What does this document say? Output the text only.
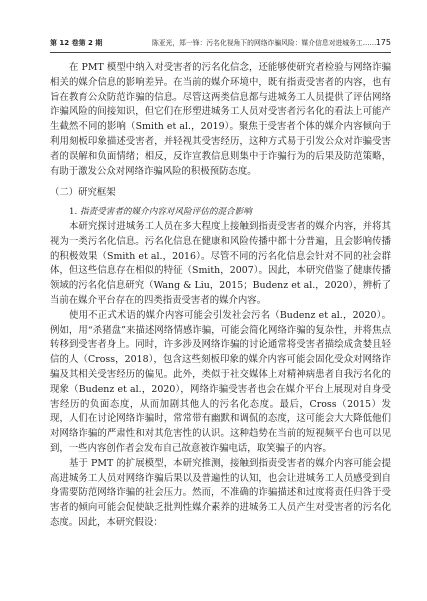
第 12 卷第 2 期	陈亚光，郑一锋：污名化视角下的网络诈骗风险：媒介信息对进城务工…… 175

在 PMT 模型中纳入对受害者的污名化信念，还能够使研究者检验与网络诈骗相关的媒介信息的影响差异。在当前的媒介环境中，既有指责受害者的内容，也有旨在教育公众防范诈骗的信息。尽管这两类信息都与进城务工人员提供了评估网络诈骗风险的间接知识，但它们在形塑进城务工人员对受害者污名化的看法上可能产生截然不同的影响（Smith et al.，2019）。聚焦于受害者个体的媒介内容倾向于利用刻板印象描述受害者，并轻视其受害经历，这种方式易于引发公众对诈骗受害者的误解和负面情绪；相反，反诈宣教信息则集中于诈骗行为的后果及防范策略，有助于激发公众对网络诈骗风险的积极预防态度。

（二）研究框架

1. 指责受害者的媒介内容对风险评估的混合影响

本研究探讨进城务工人员在多大程度上接触到指责受害者的媒介内容，并将其视为一类污名化信息。污名化信息在健康和风险传播中都十分普遍，且会影响传播的积极效果（Smith et al.，2016）。尽管不同的污名化信息会针对不同的社会群体，但这些信息存在相似的特征（Smith，2007）。因此，本研究借鉴了健康传播领域的污名化信息研究（Wang & Liu，2015；Budenz et al.，2020），辨析了当前在媒介平台存在的四类指责受害者的媒介内容。

使用不正式术语的媒介内容可能会引发社会污名（Budenz et al.，2020）。例如，用“杀猪盘”来描述网络情感诈骗，可能会简化网络诈骗的复杂性，并将焦点转移到受害者身上。同时，许多涉及网络诈骗的讨论通常将受害者描绘成贪婪且轻信的人（Cross，2018），包含这些刻板印象的媒介内容可能会固化受众对网络诈骗及其相关受害经历的偏见。此外，类似于社交媒体上对精神病患者自我污名化的现象（Budenz et al.，2020），网络诈骗受害者也会在媒介平台上展现对自身受害经历的负面态度，从而加剧其他人的污名化态度。最后，Cross（2015）发现，人们在讨论网络诈骗时，常常带有幽默和调侃的态度，这可能会大大降低他们对网络诈骗的严肃性和对其危害性的认识。这种趋势在当前的短视频平台也可以见到，一些内容创作者会发布自己故意被诈骗电话，取笑骗子的内容。

基于 PMT 的扩展模型，本研究推测，接触到指责受害者的媒介内容可能会提高进城务工人员对网络诈骗后果以及普遍性的认知，也会让进城务工人员感受到自身需要防范网络诈骗的社会压力。然而，不准确的诈骗描述和过度将责任归咎于受害者的倾向可能会促使缺乏批判性媒介素养的进城务工人员产生对受害者的污名化态度。因此，本研究假设：
